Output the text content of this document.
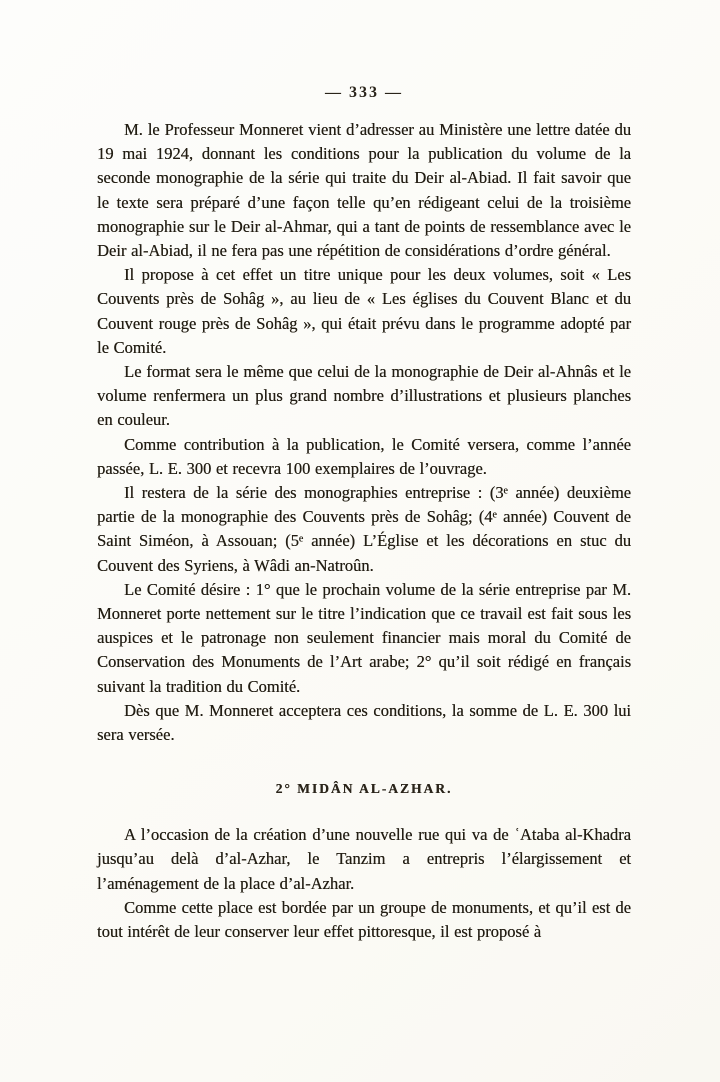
— 333 —

M. le Professeur Monneret vient d’adresser au Ministère une lettre datée du 19 mai 1924, donnant les conditions pour la publication du volume de la seconde monographie de la série qui traite du Deir al-Abiad. Il fait savoir que le texte sera préparé d’une façon telle qu’en rédigeant celui de la troisième monographie sur le Deir al-Ahmar, qui a tant de points de ressemblance avec le Deir al-Abiad, il ne fera pas une répétition de considérations d’ordre général.

Il propose à cet effet un titre unique pour les deux volumes, soit « Les Couvents près de Sohâg », au lieu de « Les églises du Couvent Blanc et du Couvent rouge près de Sohâg », qui était prévu dans le programme adopté par le Comité.

Le format sera le même que celui de la monographie de Deir al-Ahnâs et le volume renfermera un plus grand nombre d’illustrations et plusieurs planches en couleur.

Comme contribution à la publication, le Comité versera, comme l’année passée, L. E. 300 et recevra 100 exemplaires de l’ouvrage.

Il restera de la série des monographies entreprise : (3ᵉ année) deuxième partie de la monographie des Couvents près de Sohâg; (4ᵉ année) Couvent de Saint Siméon, à Assouan; (5ᵉ année) L’Église et les décorations en stuc du Couvent des Syriens, à Wâdi an-Natroûn.

Le Comité désire : 1° que le prochain volume de la série entreprise par M. Monneret porte nettement sur le titre l’indication que ce travail est fait sous les auspices et le patronage non seulement financier mais moral du Comité de Conservation des Monuments de l’Art arabe; 2° qu’il soit rédigé en français suivant la tradition du Comité.

Dès que M. Monneret acceptera ces conditions, la somme de L. E. 300 lui sera versée.

2° MIDÂN AL-AZHAR.

A l’occasion de la création d’une nouvelle rue qui va de ʿAtaba al-Khadra jusqu’au delà d’al-Azhar, le Tanzim a entrepris l’élargissement et l’aménagement de la place d’al-Azhar.

Comme cette place est bordée par un groupe de monuments, et qu’il est de tout intérêt de leur conserver leur effet pittoresque, il est proposé à
